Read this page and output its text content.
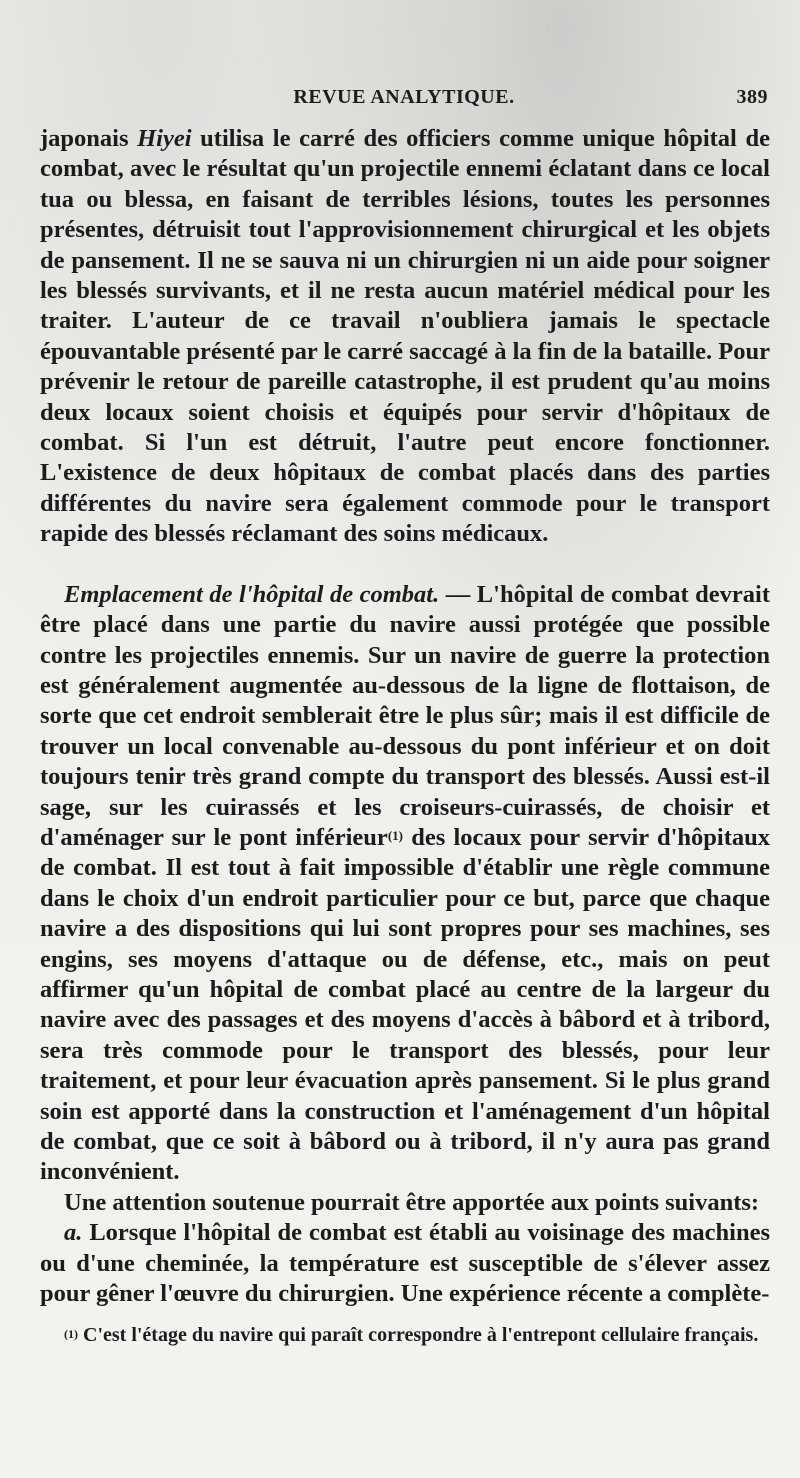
REVUE ANALYTIQUE.	389

japonais Hiyei utilisa le carré des officiers comme unique hôpital de combat, avec le résultat qu'un projectile ennemi éclatant dans ce local tua ou blessa, en faisant de terribles lésions, toutes les personnes présentes, détruisit tout l'approvisionnement chirurgical et les objets de pansement. Il ne se sauva ni un chirurgien ni un aide pour soigner les blessés survivants, et il ne resta aucun matériel médical pour les traiter. L'auteur de ce travail n'oubliera jamais le spectacle épouvantable présenté par le carré saccagé à la fin de la bataille. Pour prévenir le retour de pareille catastrophe, il est prudent qu'au moins deux locaux soient choisis et équipés pour servir d'hôpitaux de combat. Si l'un est détruit, l'autre peut encore fonctionner. L'existence de deux hôpitaux de combat placés dans des parties différentes du navire sera également commode pour le transport rapide des blessés réclamant des soins médicaux.

Emplacement de l'hôpital de combat. — L'hôpital de combat devrait être placé dans une partie du navire aussi protégée que possible contre les projectiles ennemis. Sur un navire de guerre la protection est généralement augmentée au-dessous de la ligne de flottaison, de sorte que cet endroit semblerait être le plus sûr; mais il est difficile de trouver un local convenable au-dessous du pont inférieur et on doit toujours tenir très grand compte du transport des blessés. Aussi est-il sage, sur les cuirassés et les croiseurs-cuirassés, de choisir et d'aménager sur le pont inférieur$^{(1)}$ des locaux pour servir d'hôpitaux de combat. Il est tout à fait impossible d'établir une règle commune dans le choix d'un endroit particulier pour ce but, parce que chaque navire a des dispositions qui lui sont propres pour ses machines, ses engins, ses moyens d'attaque ou de défense, etc., mais on peut affirmer qu'un hôpital de combat placé au centre de la largeur du navire avec des passages et des moyens d'accès à bâbord et à tribord, sera très commode pour le transport des blessés, pour leur traitement, et pour leur évacuation après pansement. Si le plus grand soin est apporté dans la construction et l'aménagement d'un hôpital de combat, que ce soit à bâbord ou à tribord, il n'y aura pas grand inconvénient.

Une attention soutenue pourrait être apportée aux points suivants:

a. Lorsque l'hôpital de combat est établi au voisinage des machines ou d'une cheminée, la température est susceptible de s'élever assez pour gêner l'œuvre du chirurgien. Une expérience récente a complète-

$^{(1)}$ C'est l'étage du navire qui paraît correspondre à l'entrepont cellulaire français.
